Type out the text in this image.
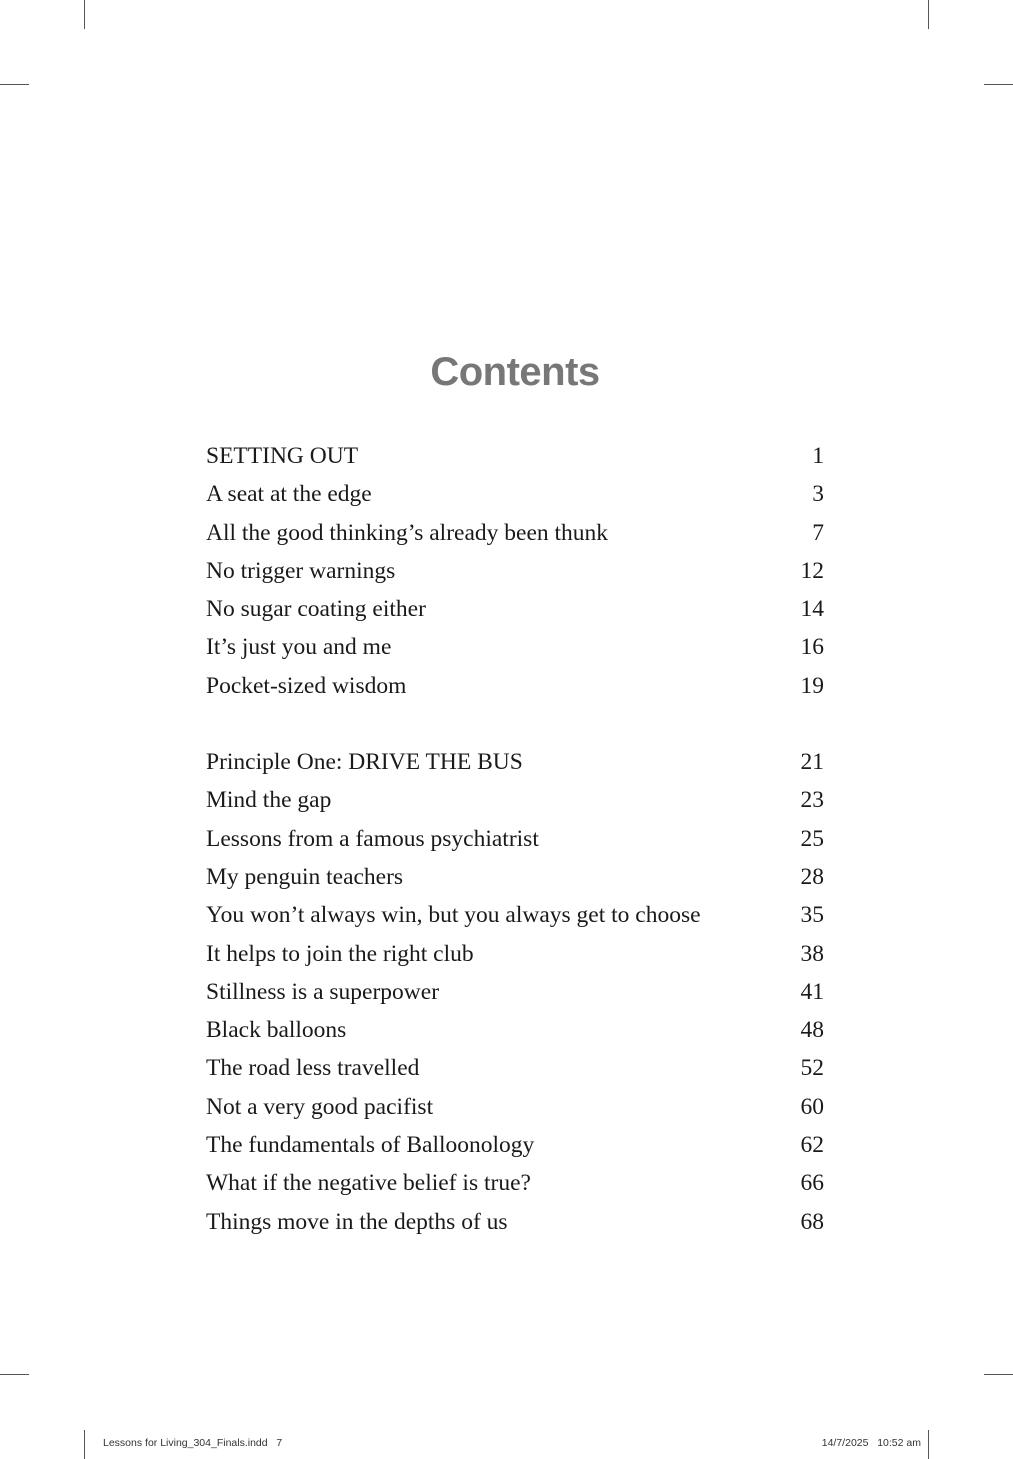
Contents
SETTING OUT	1
A seat at the edge	3
All the good thinking’s already been thunk	7
No trigger warnings	12
No sugar coating either	14
It’s just you and me	16
Pocket-sized wisdom	19
Principle One: DRIVE THE BUS	21
Mind the gap	23
Lessons from a famous psychiatrist	25
My penguin teachers	28
You won’t always win, but you always get to choose	35
It helps to join the right club	38
Stillness is a superpower	41
Black balloons	48
The road less travelled	52
Not a very good pacifist	60
The fundamentals of Balloonology	62
What if the negative belief is true?	66
Things move in the depths of us	68
Lessons for Living_304_Finals.indd   7	14/7/2025   10:52 am
